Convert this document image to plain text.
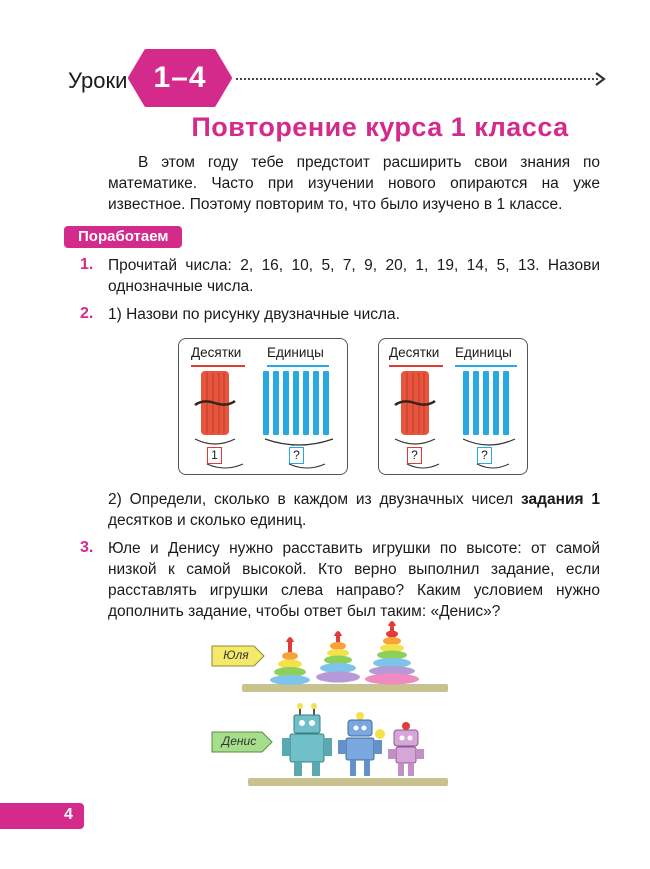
Уроки 1–4
Повторение курса 1 класса
В этом году тебе предстоит расширить свои знания по математике. Часто при изучении нового опираются на уже известное. Поэтому повторим то, что было изучено в 1 классе.
Поработаем
1. Прочитай числа: 2, 16, 10, 5, 7, 9, 20, 1, 19, 14, 5, 13. Назови однозначные числа.
2. 1) Назови по рисунку двузначные числа.
Десятки Единицы
1	?
Десятки Единицы
?	?
2) Определи, сколько в каждом из двузначных чисел задания 1 десятков и сколько единиц.
3. Юле и Денису нужно расставить игрушки по высоте: от самой низкой к самой высокой. Кто верно выполнил задание, если расставлять игрушки слева направо? Каким условием нужно дополнить задание, чтобы ответ был таким: «Денис»?
Юля
Денис
4
